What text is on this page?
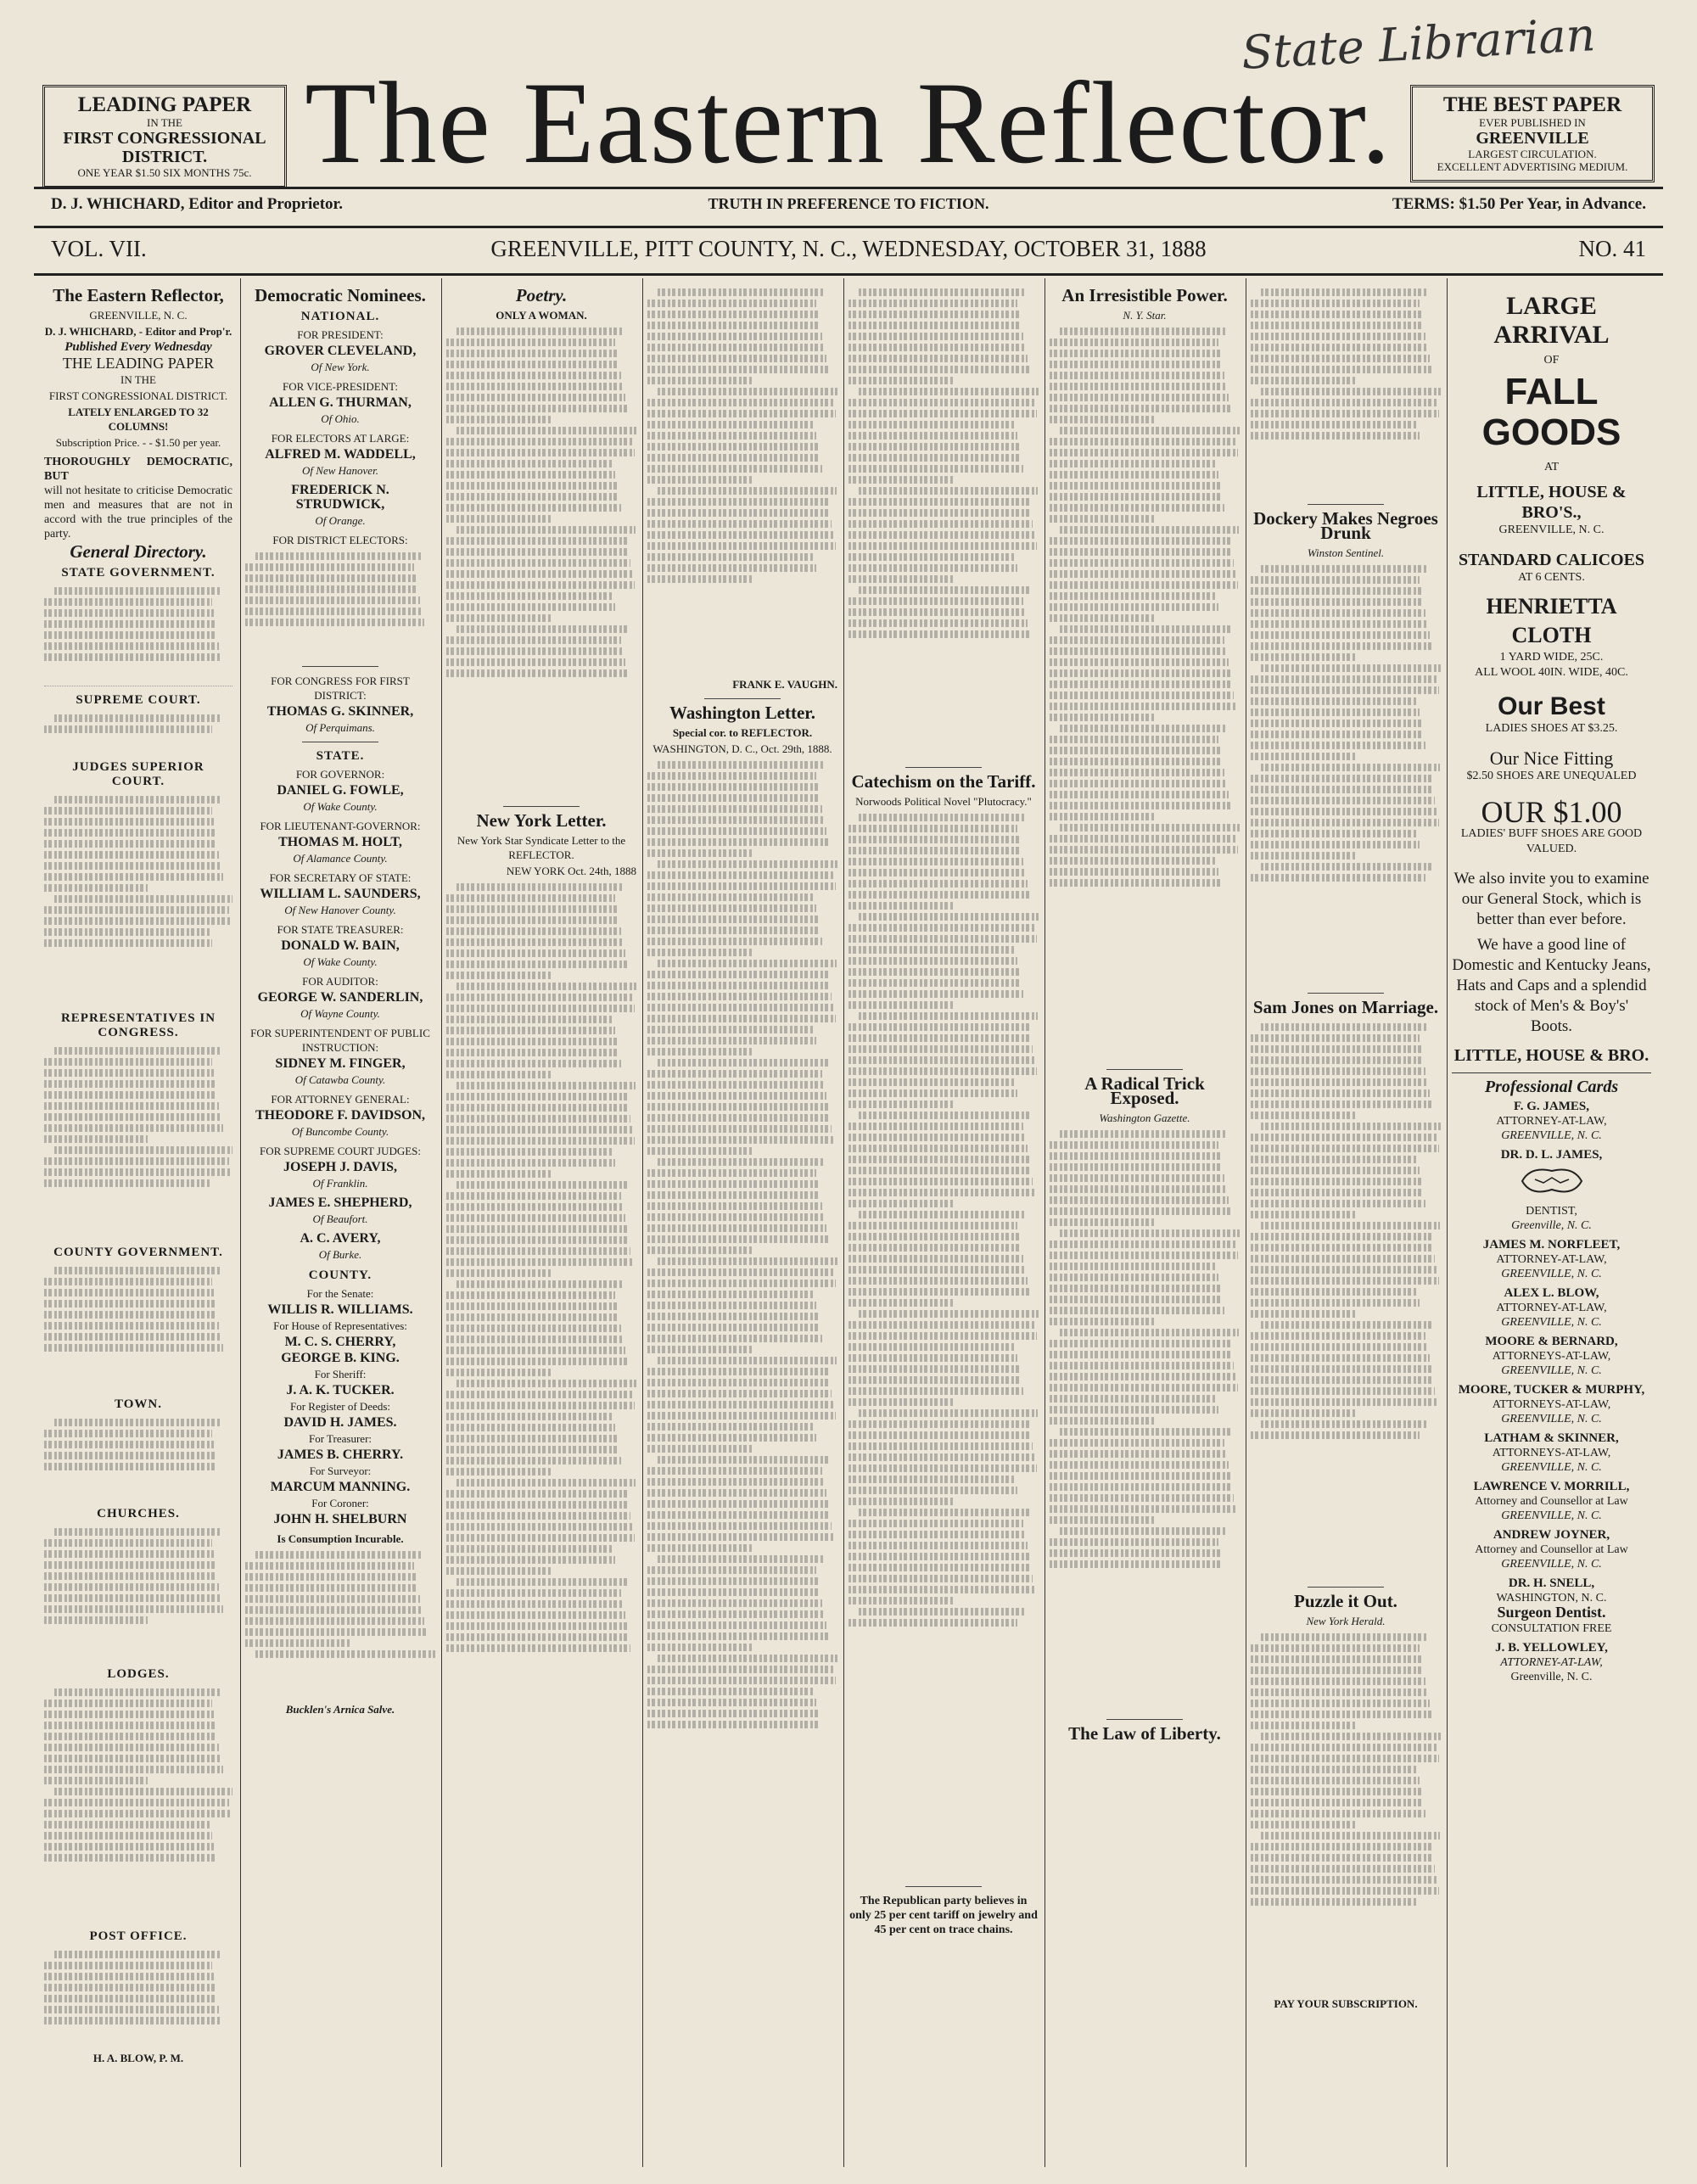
State Librarian
LEADING PAPER
IN THE
FIRST CONGRESSIONAL DISTRICT.
ONE YEAR $1.50 SIX MONTHS 75c. The Eastern Reflector.	THE BEST PAPER
EVER PUBLISHED IN
GREENVILLE
LARGEST CIRCULATION.
EXCELLENT ADVERTISING MEDIUM.
D. J. WHICHARD, Editor and Proprietor.	TRUTH IN PREFERENCE TO FICTION.	TERMS: $1.50 Per Year, in Advance.
VOL. VII.	GREENVILLE, PITT COUNTY, N. C., WEDNESDAY, OCTOBER 31, 1888	NO. 41
The Eastern Reflector,
GREENVILLE, N. C.
D. J. WHICHARD, - Editor and Prop'r.
Published Every Wednesday
THE LEADING PAPER
IN THE
FIRST CONGRESSIONAL DISTRICT.
LATELY ENLARGED TO 32 COLUMNS!
Subscription Price. - - $1.50 per year.
THOROUGHLY DEMOCRATIC, BUT
will not hesitate to criticise Democratic men and measures that are not in accord with the true principles of the party.
General Directory.
STATE GOVERNMENT.
SUPREME COURT.
JUDGES SUPERIOR COURT.
REPRESENTATIVES IN CONGRESS.
COUNTY GOVERNMENT.
TOWN.
CHURCHES.
LODGES.
POST OFFICE.
H. A. BLOW, P. M.
Democratic Nominees.
NATIONAL.
FOR PRESIDENT:
GROVER CLEVELAND,
Of New York.
FOR VICE-PRESIDENT:
ALLEN G. THURMAN,
Of Ohio.
FOR ELECTORS AT LARGE:
ALFRED M. WADDELL,
Of New Hanover.
FREDERICK N. STRUDWICK,
Of Orange.
FOR DISTRICT ELECTORS:
FOR CONGRESS FOR FIRST DISTRICT:
THOMAS G. SKINNER,
Of Perquimans.
STATE.
FOR GOVERNOR:
DANIEL G. FOWLE,
Of Wake County.
FOR LIEUTENANT-GOVERNOR:
THOMAS M. HOLT,
Of Alamance County.
FOR SECRETARY OF STATE:
WILLIAM L. SAUNDERS,
Of New Hanover County.
FOR STATE TREASURER:
DONALD W. BAIN,
Of Wake County.
FOR AUDITOR:
GEORGE W. SANDERLIN,
Of Wayne County.
FOR SUPERINTENDENT OF PUBLIC INSTRUCTION:
SIDNEY M. FINGER,
Of Catawba County.
FOR ATTORNEY GENERAL:
THEODORE F. DAVIDSON,
Of Buncombe County.
FOR SUPREME COURT JUDGES:
JOSEPH J. DAVIS,
Of Franklin.
JAMES E. SHEPHERD,
Of Beaufort.
A. C. AVERY,
Of Burke.
COUNTY.
For the Senate:
WILLIS R. WILLIAMS.
For House of Representatives:
M. C. S. CHERRY,
GEORGE B. KING.
For Sheriff:
J. A. K. TUCKER.
For Register of Deeds:
DAVID H. JAMES.
For Treasurer:
JAMES B. CHERRY.
For Surveyor:
MARCUM MANNING.
For Coroner:
JOHN H. SHELBURN
Is Consumption Incurable.
Bucklen's Arnica Salve.
Poetry.
ONLY A WOMAN.
New York Letter.
New York Star Syndicate Letter to the REFLECTOR.
NEW YORK Oct. 24th, 1888
FRANK E. VAUGHN.
Washington Letter.
Special cor. to REFLECTOR.
WASHINGTON, D. C., Oct. 29th, 1888.
Catechism on the Tariff.
Norwoods Political Novel "Plutocracy."
The Republican party believes in only 25 per cent tariff on jewelry and 45 per cent on trace chains.
An Irresistible Power.
N. Y. Star.
A Radical Trick Exposed.
Washington Gazette.
The Law of Liberty.
Dockery Makes Negroes Drunk
Winston Sentinel.
Sam Jones on Marriage.
Puzzle it Out.
New York Herald.
PAY YOUR SUBSCRIPTION.
LARGE ARRIVAL
OF
FALL GOODS
AT
LITTLE, HOUSE & BRO'S.,
GREENVILLE, N. C.
STANDARD CALICOES
AT 6 CENTS.
HENRIETTA CLOTH
1 YARD WIDE, 25C.
ALL WOOL 40IN. WIDE, 40C.
Our Best
LADIES SHOES AT $3.25.
Our Nice Fitting
$2.50 SHOES ARE UNEQUALED
OUR $1.00
LADIES' BUFF SHOES ARE GOOD VALUED.
We also invite you to examine our General Stock, which is better than ever before.
We have a good line of Domestic and Kentucky Jeans, Hats and Caps and a splendid stock of Men's & Boy's' Boots.
LITTLE, HOUSE & BRO.
Professional Cards
F. G. JAMES,
ATTORNEY-AT-LAW,
GREENVILLE, N. C.
DR. D. L. JAMES,
DENTIST,
Greenville, N. C.
JAMES M. NORFLEET,
ATTORNEY-AT-LAW,
GREENVILLE, N. C.
ALEX L. BLOW,
ATTORNEY-AT-LAW,
GREENVILLE, N. C.
MOORE & BERNARD,
ATTORNEYS-AT-LAW,
GREENVILLE, N. C.
MOORE, TUCKER & MURPHY,
ATTORNEYS-AT-LAW,
GREENVILLE, N. C.
LATHAM & SKINNER,
ATTORNEYS-AT-LAW,
GREENVILLE, N. C.
LAWRENCE V. MORRILL,
Attorney and Counsellor at Law
GREENVILLE, N. C.
ANDREW JOYNER,
Attorney and Counsellor at Law
GREENVILLE, N. C.
DR. H. SNELL,
WASHINGTON, N. C.
Surgeon Dentist.
CONSULTATION FREE
J. B. YELLOWLEY,
ATTORNEY-AT-LAW,
Greenville, N. C.
